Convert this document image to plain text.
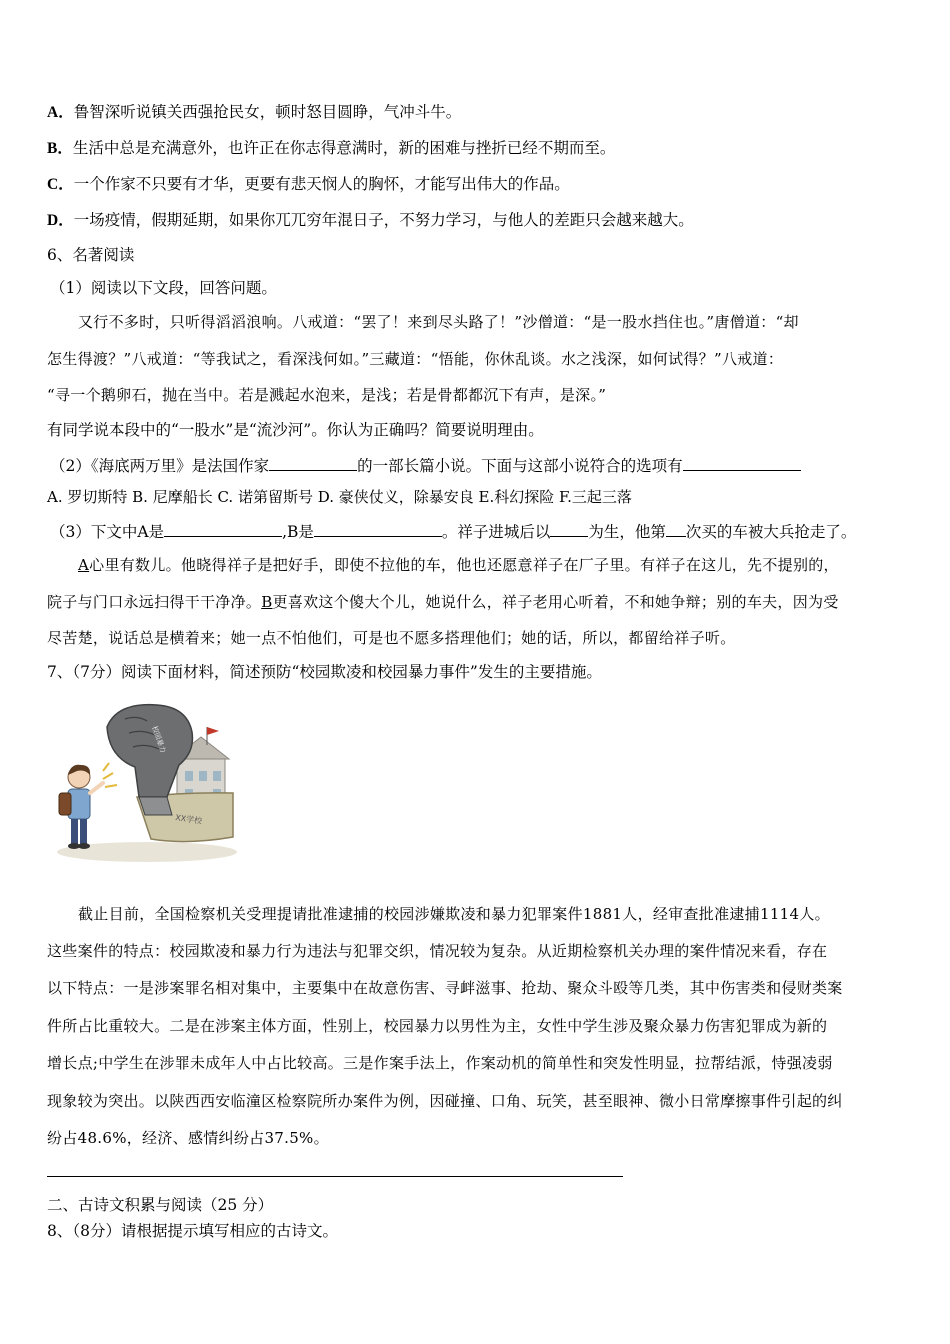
A．鲁智深听说镇关西强抢民女，顿时怒目圆睁，气冲斗牛。
B．生活中总是充满意外，也许正在你志得意满时，新的困难与挫折已经不期而至。
C．一个作家不只要有才华，更要有悲天悯人的胸怀，才能写出伟大的作品。
D．一场疫情，假期延期，如果你兀兀穷年混日子，不努力学习，与他人的差距只会越来越大。
6、名著阅读
（1）阅读以下文段，回答问题。
又行不多时，只听得滔滔浪响。八戒道：“罢了！来到尽头路了！”沙僧道：“是一股水挡住也。”唐僧道：“却
怎生得渡？”八戒道：“等我试之，看深浅何如。”三藏道：“悟能，你休乱谈。水之浅深，如何试得？”八戒道：
“寻一个鹅卵石，抛在当中。若是溅起水泡来，是浅；若是骨都都沉下有声，是深。”
有同学说本段中的“一股水”是“流沙河”。你认为正确吗？简要说明理由。
（2）《海底两万里》是法国作家	的一部长篇小说。下面与这部小说符合的选项有
A. 罗切斯特 B. 尼摩船长 C. 诺第留斯号 D. 豪侠仗义，除暴安良 E.科幻探险 F.三起三落
（3）下文中A是	,B是	。祥子进城后以 为生，他第 次买的车被大兵抢走了。
A心里有数儿。他晓得祥子是把好手，即使不拉他的车，他也还愿意祥子在厂子里。有祥子在这儿，先不提别的，
院子与门口永远扫得干干净净。B更喜欢这个傻大个儿，她说什么，祥子老用心听着，不和她争辩；别的车夫，因为受
尽苦楚，说话总是横着来；她一点不怕他们，可是也不愿多搭理他们；她的话，所以，都留给祥子听。
7、（7分）阅读下面材料，简述预防“校园欺凌和校园暴力事件”发生的主要措施。
XX学校
校园暴力
截止目前，全国检察机关受理提请批准逮捕的校园涉嫌欺凌和暴力犯罪案件1881人，经审查批准逮捕1114人。
这些案件的特点：校园欺凌和暴力行为违法与犯罪交织，情况较为复杂。从近期检察机关办理的案件情况来看，存在
以下特点：一是涉案罪名相对集中，主要集中在故意伤害、寻衅滋事、抢劫、聚众斗殴等几类，其中伤害类和侵财类案
件所占比重较大。二是在涉案主体方面，性别上，校园暴力以男性为主，女性中学生涉及聚众暴力伤害犯罪成为新的
增长点;中学生在涉罪未成年人中占比较高。三是作案手法上，作案动机的简单性和突发性明显，拉帮结派，恃强凌弱
现象较为突出。以陕西西安临潼区检察院所办案件为例，因碰撞、口角、玩笑，甚至眼神、微小日常摩擦事件引起的纠
纷占48.6%，经济、感情纠纷占37.5%。
二、古诗文积累与阅读（25 分）
8、（8分）请根据提示填写相应的古诗文。
